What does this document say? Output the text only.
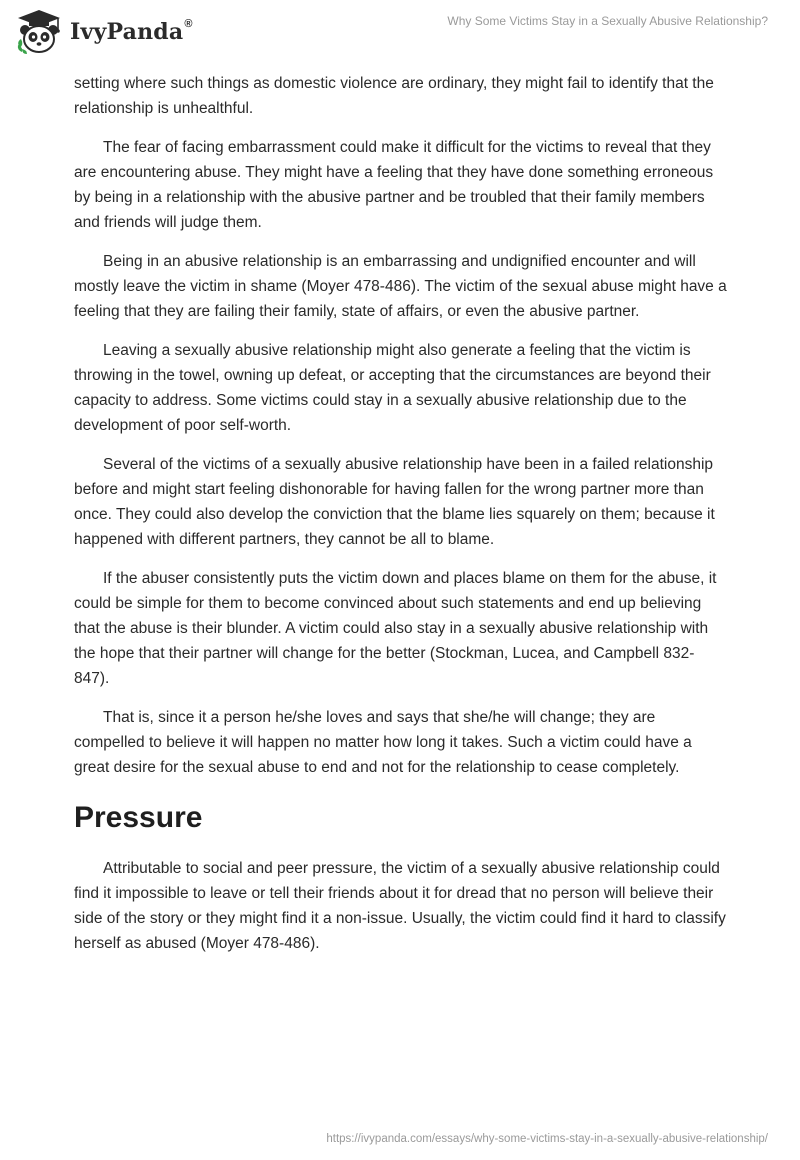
IvyPanda®	Why Some Victims Stay in a Sexually Abusive Relationship?

setting where such things as domestic violence are ordinary, they might fail to identify that the relationship is unhealthful.

The fear of facing embarrassment could make it difficult for the victims to reveal that they are encountering abuse. They might have a feeling that they have done something erroneous by being in a relationship with the abusive partner and be troubled that their family members and friends will judge them.

Being in an abusive relationship is an embarrassing and undignified encounter and will mostly leave the victim in shame (Moyer 478-486). The victim of the sexual abuse might have a feeling that they are failing their family, state of affairs, or even the abusive partner.

Leaving a sexually abusive relationship might also generate a feeling that the victim is throwing in the towel, owning up defeat, or accepting that the circumstances are beyond their capacity to address. Some victims could stay in a sexually abusive relationship due to the development of poor self-worth.

Several of the victims of a sexually abusive relationship have been in a failed relationship before and might start feeling dishonorable for having fallen for the wrong partner more than once. They could also develop the conviction that the blame lies squarely on them; because it happened with different partners, they cannot be all to blame.

If the abuser consistently puts the victim down and places blame on them for the abuse, it could be simple for them to become convinced about such statements and end up believing that the abuse is their blunder. A victim could also stay in a sexually abusive relationship with the hope that their partner will change for the better (Stockman, Lucea, and Campbell 832-847).

That is, since it a person he/she loves and says that she/he will change; they are compelled to believe it will happen no matter how long it takes. Such a victim could have a great desire for the sexual abuse to end and not for the relationship to cease completely.

Pressure

Attributable to social and peer pressure, the victim of a sexually abusive relationship could find it impossible to leave or tell their friends about it for dread that no person will believe their side of the story or they might find it a non-issue. Usually, the victim could find it hard to classify herself as abused (Moyer 478-486).

https://ivypanda.com/essays/why-some-victims-stay-in-a-sexually-abusive-relationship/
